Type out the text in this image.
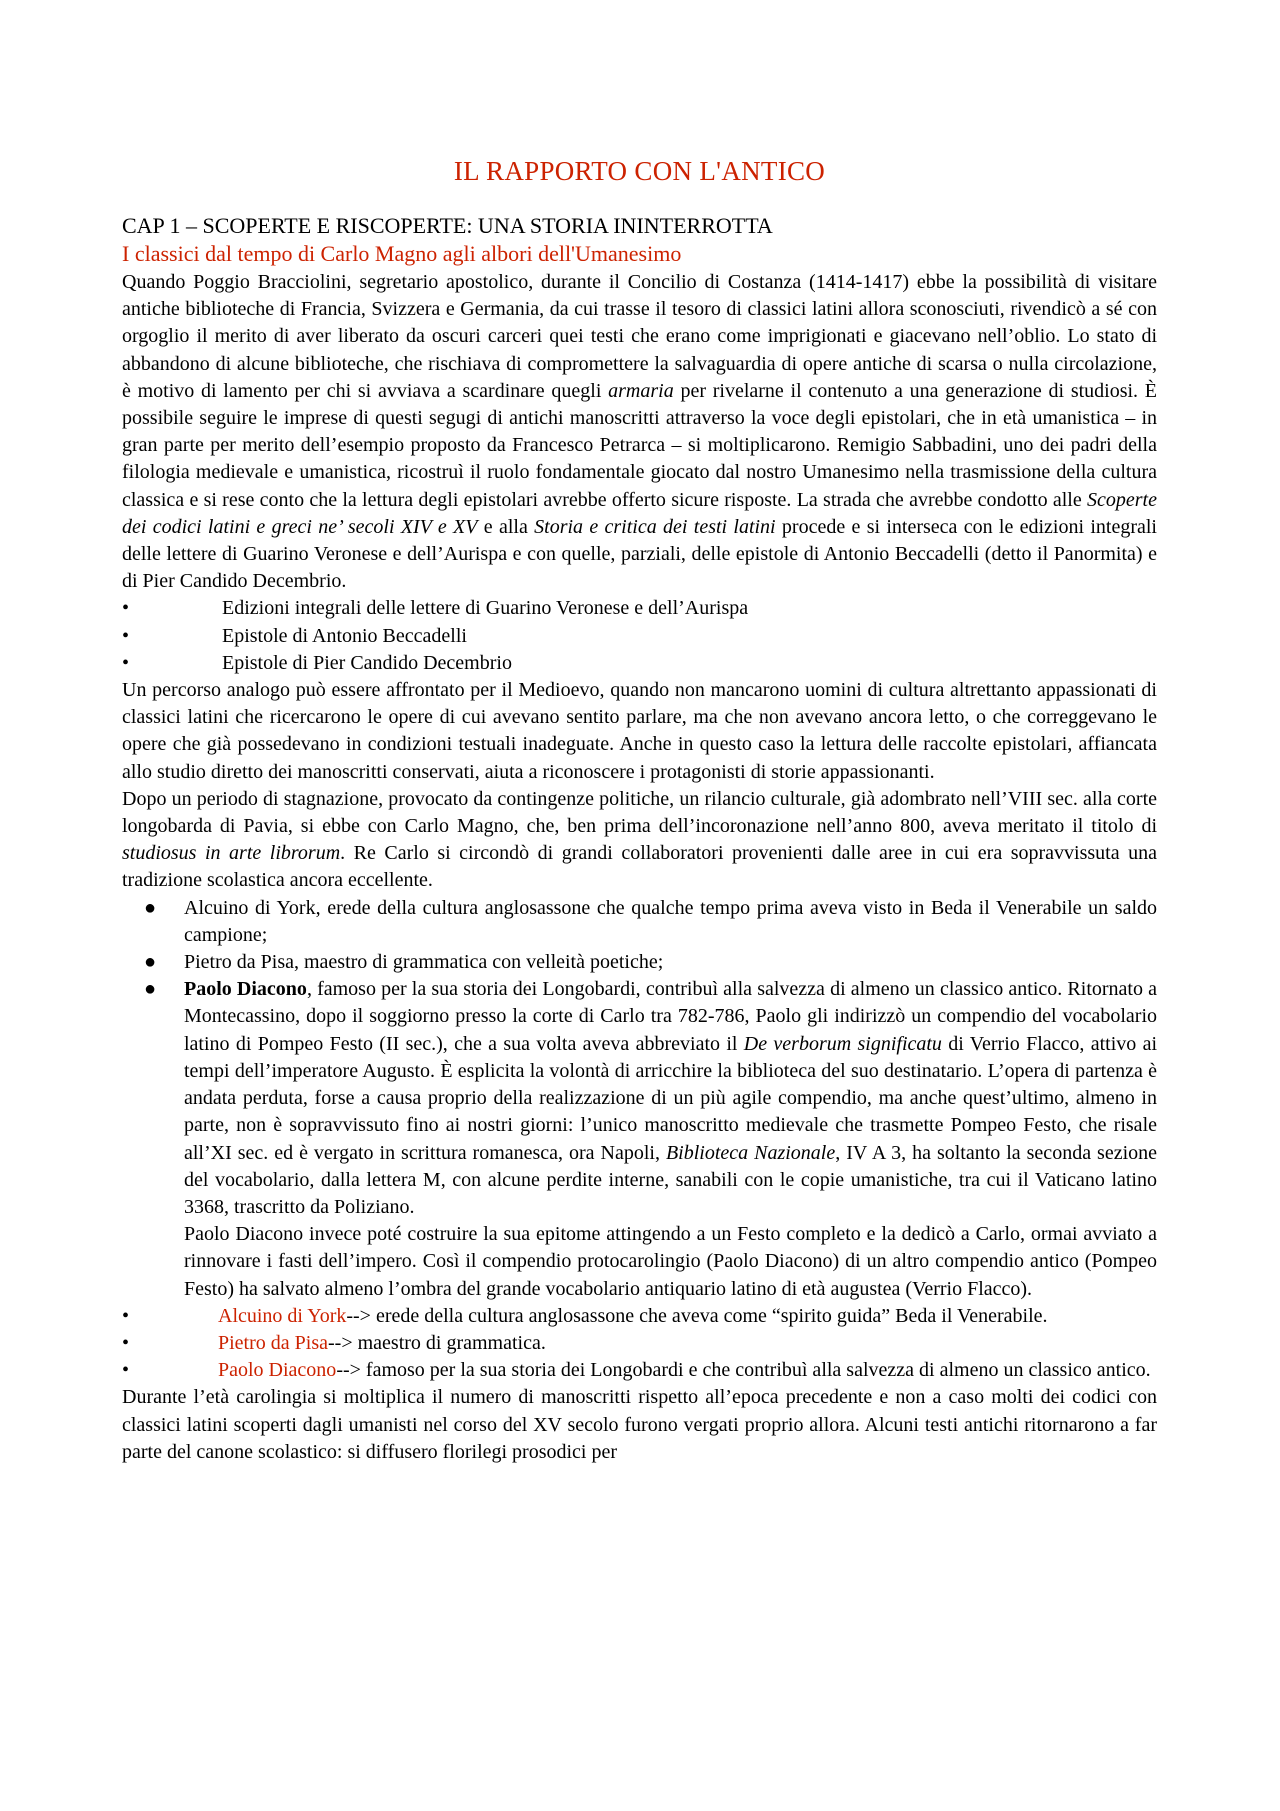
IL RAPPORTO CON L'ANTICO
CAP 1 – SCOPERTE E RISCOPERTE: UNA STORIA ININTERROTTA
I classici dal tempo di Carlo Magno agli albori dell'Umanesimo

Quando Poggio Bracciolini, segretario apostolico, durante il Concilio di Costanza (1414-1417) ebbe la possibilità di visitare antiche biblioteche di Francia, Svizzera e Germania, da cui trasse il tesoro di classici latini allora sconosciuti, rivendicò a sé con orgoglio il merito di aver liberato da oscuri carceri quei testi che erano come imprigionati e giacevano nell’oblio. Lo stato di abbandono di alcune biblioteche, che rischiava di compromettere la salvaguardia di opere antiche di scarsa o nulla circolazione, è motivo di lamento per chi si avviava a scardinare quegli armaria per rivelarne il contenuto a una generazione di studiosi. È possibile seguire le imprese di questi segugi di antichi manoscritti attraverso la voce degli epistolari, che in età umanistica – in gran parte per merito dell’esempio proposto da Francesco Petrarca – si moltiplicarono. Remigio Sabbadini, uno dei padri della filologia medievale e umanistica, ricostruì il ruolo fondamentale giocato dal nostro Umanesimo nella trasmissione della cultura classica e si rese conto che la lettura degli epistolari avrebbe offerto sicure risposte. La strada che avrebbe condotto alle Scoperte dei codici latini e greci ne’ secoli XIV e XV e alla Storia e critica dei testi latini procede e si interseca con le edizioni integrali delle lettere di Guarino Veronese e dell’Aurispa e con quelle, parziali, delle epistole di Antonio Beccadelli (detto il Panormita) e di Pier Candido Decembrio.

•	Edizioni integrali delle lettere di Guarino Veronese e dell’Aurispa
•	Epistole di Antonio Beccadelli
•	Epistole di Pier Candido Decembrio

Un percorso analogo può essere affrontato per il Medioevo, quando non mancarono uomini di cultura altrettanto appassionati di classici latini che ricercarono le opere di cui avevano sentito parlare, ma che non avevano ancora letto, o che correggevano le opere che già possedevano in condizioni testuali inadeguate. Anche in questo caso la lettura delle raccolte epistolari, affiancata allo studio diretto dei manoscritti conservati, aiuta a riconoscere i protagonisti di storie appassionanti.

Dopo un periodo di stagnazione, provocato da contingenze politiche, un rilancio culturale, già adombrato nell’VIII sec. alla corte longobarda di Pavia, si ebbe con Carlo Magno, che, ben prima dell’incoronazione nell’anno 800, aveva meritato il titolo di studiosus in arte librorum. Re Carlo si circondò di grandi collaboratori provenienti dalle aree in cui era sopravvissuta una tradizione scolastica ancora eccellente.

● Alcuino di York, erede della cultura anglosassone che qualche tempo prima aveva visto in Beda il Venerabile un saldo campione;
● Pietro da Pisa, maestro di grammatica con velleità poetiche;
● Paolo Diacono, famoso per la sua storia dei Longobardi, contribuì alla salvezza di almeno un classico antico. Ritornato a Montecassino, dopo il soggiorno presso la corte di Carlo tra 782-786, Paolo gli indirizzò un compendio del vocabolario latino di Pompeo Festo (II sec.), che a sua volta aveva abbreviato il De verborum significatu di Verrio Flacco, attivo ai tempi dell’imperatore Augusto. È esplicita la volontà di arricchire la biblioteca del suo destinatario. L’opera di partenza è andata perduta, forse a causa proprio della realizzazione di un più agile compendio, ma anche quest’ultimo, almeno in parte, non è sopravvissuto fino ai nostri giorni: l’unico manoscritto medievale che trasmette Pompeo Festo, che risale all’XI sec. ed è vergato in scrittura romanesca, ora Napoli, Biblioteca Nazionale, IV A 3, ha soltanto la seconda sezione del vocabolario, dalla lettera M, con alcune perdite interne, sanabili con le copie umanistiche, tra cui il Vaticano latino 3368, trascritto da Poliziano.
Paolo Diacono invece poté costruire la sua epitome attingendo a un Festo completo e la dedicò a Carlo, ormai avviato a rinnovare i fasti dell’impero. Così il compendio protocarolingio (Paolo Diacono) di un altro compendio antico (Pompeo Festo) ha salvato almeno l’ombra del grande vocabolario antiquario latino di età augustea (Verrio Flacco).
•	Alcuino di York--> erede della cultura anglosassone che aveva come “spirito guida” Beda il Venerabile.
•	Pietro da Pisa--> maestro di grammatica.
•	Paolo Diacono--> famoso per la sua storia dei Longobardi e che contribuì alla salvezza di almeno un classico antico.

Durante l’età carolingia si moltiplica il numero di manoscritti rispetto all’epoca precedente e non a caso molti dei codici con classici latini scoperti dagli umanisti nel corso del XV secolo furono vergati proprio allora. Alcuni testi antichi ritornarono a far parte del canone scolastico: si diffusero florilegi prosodici per
